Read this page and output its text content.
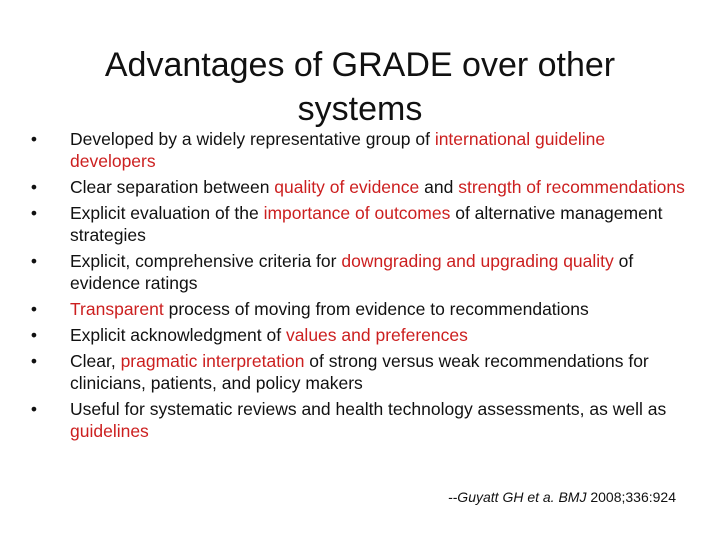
Advantages of GRADE over other
systems
• Developed by a widely representative group of international guideline developers
• Clear separation between quality of evidence and strength of recommendations
• Explicit evaluation of the importance of outcomes of alternative management strategies
• Explicit, comprehensive criteria for downgrading and upgrading quality of evidence ratings
• Transparent process of moving from evidence to recommendations
• Explicit acknowledgment of values and preferences
• Clear, pragmatic interpretation of strong versus weak recommendations for clinicians, patients, and policy makers
• Useful for systematic reviews and health technology assessments, as well as guidelines
--Guyatt GH et a. BMJ 2008;336:924
